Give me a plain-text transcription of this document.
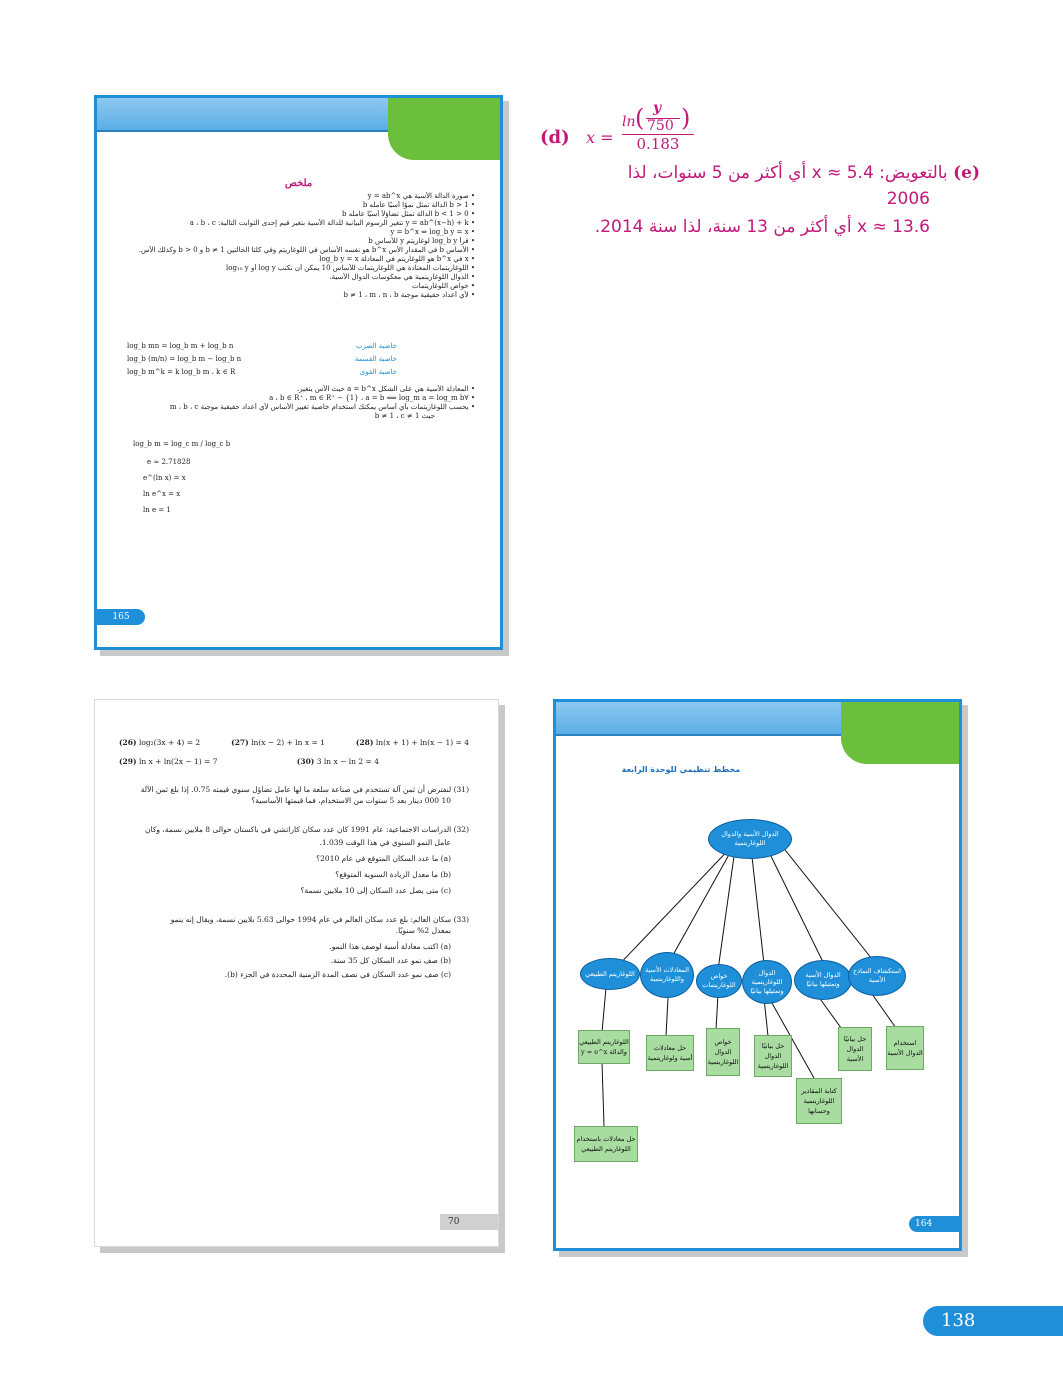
ملخص
• صورة الدالة الأسية هي y = ab^x
• b > 1 الدالة تمثل نموًا أسيًا عامله b
• 0 < b < 1 الدالة تمثل تضاؤلاً أسيًا عامله b
• y = ab^(x−h) + k تتغير الرسوم البيانية للدالة الأسية بتغير قيم إحدى الثوابت التالية: a ، b ، c
• y = b^x ⇔ log_b y = x
• قرأ log_b y لوغاريتم y للأساس b
• الأساس b في المقدار الأس b^x هو نفسه الأساس في اللوغاريتم وفي كلتا الحالتين b ≠ 1 و b > 0 وكذلك الأس.
• x في b^x هو اللوغاريتم في المعادلة log_b y = x
• اللوغاريتمات المعتادة هي اللوغاريتمات للأساس 10 يمكن أن نكتب log y أو log₁₀ y
• الدوال اللوغاريتمية هي معكوسات الدوال الأسية.
• خواص اللوغاريتمات
• لأي أعداد حقيقية موجبة b ≠ 1 ، m ، n ، b
log_b mn = log_b m + log_b n	خاصية الضرب
log_b (m/n) = log_b m − log_b n	خاصية القسمة
log_b m^k = k log_b m ، k ∈ R	خاصية القوى
• المعادلة الأسية هي على الشكل a = b^x حيث الأس يتغير.
• ∀a ، b ∈ R⁺ ، m ∈ R⁺ − {1} ، a = b ⟺ log_m a = log_m b
• يحسب اللوغاريتمات بأي أساس يمكنك استخدام خاصية تغيير الأساس لأي أعداد حقيقية موجبة m ، b ، c
حيث b ≠ 1 ، c ≠ 1
log_b m = log_c m / log_c b
e ≈ 2.71828
e^(ln x) = x
ln e^x = x
ln e = 1
165
(d) x =
ln ( y
750 )
0.183
(e) بالتعويض: x ≈ 5.4 أي أكثر من 5 سنوات، لذا
2006
x ≈ 13.6 أي أكثر من 13 سنة، لذا سنة 2014.
(26) log₂(3x + 4) = 2	(27) ln(x − 2) + ln x = 1	(28) ln(x + 1) + ln(x − 1) = 4
(29) ln x + ln(2x − 1) = 7	(30) 3 ln x − ln 2 = 4
(31) لنفترض أن ثمن آلة تستخدم في صناعة سلعة ما لها عامل تضاؤل سنوي قيمته 0.75. إذا بلغ ثمن الآلة
10 000 دينار بعد 5 سنوات من الاستخدام، فما قيمتها الأساسية؟
(32) الدراسات الاجتماعية: عام 1991 كان عدد سكان كاراتشي في باكستان حوالى 8 ملايين نسمة، وكان
عامل النمو السنوي في هذا الوقت 1.039.
(a) ما عدد السكان المتوقع في عام 2010؟
(b) ما معدل الزيادة السنوية المتوقع؟
(c) متى يصل عدد السكان إلى 10 ملايين نسمة؟
(33) سكان العالم: بلغ عدد سكان العالم في عام 1994 حوالى 5.63 بلايين نسمة، ويقال إنه ينمو
بمعدل 2% سنويًا.
(a) اكتب معادلة أسية لوصف هذا النمو.
(b) صف نمو عدد السكان كل 35 سنة.
(c) صف نمو عدد السكان في نصف المدة الزمنية المحددة في الجزء (b).
70
مخطط تنظيمي للوحدة الرابعة
الدوال الأسية والدوال اللوغاريتمية
اللوغاريتم الطبيعي	المعادلات الأسية واللوغاريتمية	خواص اللوغاريتمات
الدوال اللوغاريتمية وتمثيلها بيانيًا
الدوال الأسية وتمثيلها بيانيًا
استكشاف النماذج الأسية
اللوغاريتم الطبيعي y = e^x والدالة	حل معادلات أسية ولوغاريتمية
خواص الدوال اللوغاريتمية
حل بيانيًا الدوال اللوغاريتمية
كتابة المقادير اللوغاريتمية وحسابها
حل بيانيًا الدوال الأسية
استخدام الدوال الأسية
حل معادلات باستخدام اللوغاريتم الطبيعي
164
138
